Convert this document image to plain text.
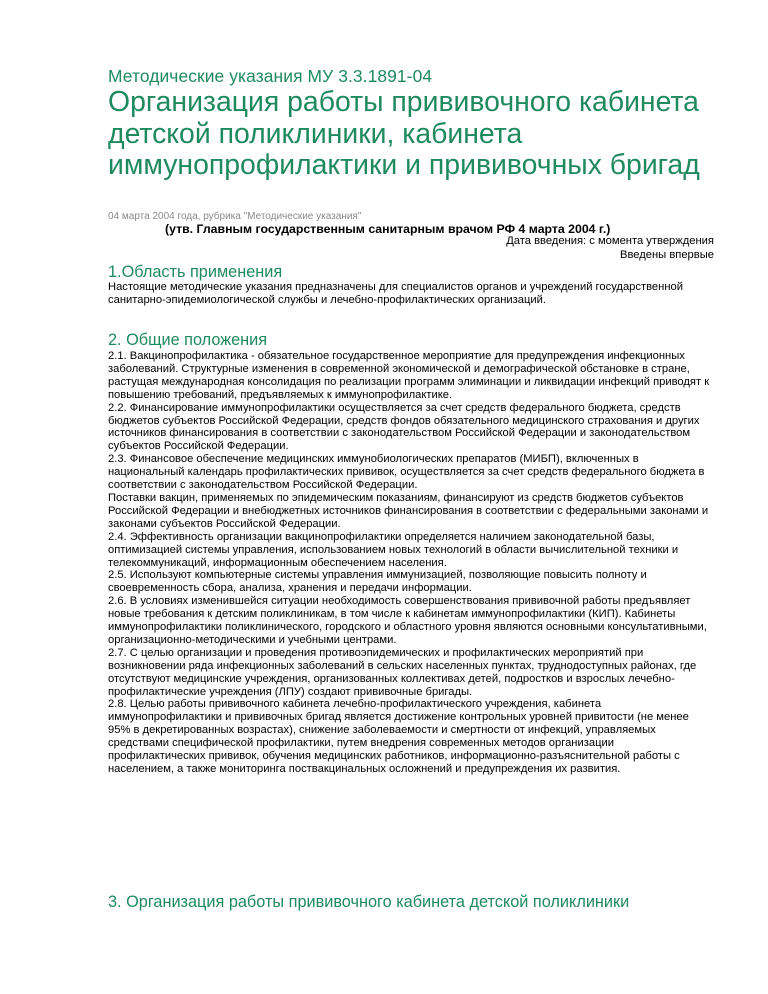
Методические указания МУ 3.3.1891-04
Организация работы прививочного кабинета детской поликлиники, кабинета иммунопрофилактики и прививочных бригад
04 марта 2004 года, рубрика "Методические указания"
(утв. Главным государственным санитарным врачом РФ 4 марта 2004 г.)
Дата введения: с момента утверждения
Введены впервые
1.Область применения

Настоящие методические указания предназначены для специалистов органов и учреждений государственной санитарно-эпидемиологической службы и лечебно-профилактических организаций.

2. Общие положения

2.1. Вакцинопрофилактика - обязательное государственное мероприятие для предупреждения инфекционных заболеваний. Структурные изменения в современной экономической и демографической обстановке в стране, растущая международная консолидация по реализации программ элиминации и ликвидации инфекций приводят к повышению требований, предъявляемых к иммунопрофилактике.

2.2. Финансирование иммунопрофилактики осуществляется за счет средств федерального бюджета, средств бюджетов субъектов Российской Федерации, средств фондов обязательного медицинского страхования и других источников финансирования в соответствии с законодательством Российской Федерации и законодательством субъектов Российской Федерации.

2.3. Финансовое обеспечение медицинских иммунобиологических препаратов (МИБП), включенных в национальный календарь профилактических прививок, осуществляется за счет средств федерального бюджета в соответствии с законодательством Российской Федерации.

Поставки вакцин, применяемых по эпидемическим показаниям, финансируют из средств бюджетов субъектов Российской Федерации и внебюджетных источников финансирования в соответствии с федеральными законами и законами субъектов Российской Федерации.

2.4. Эффективность организации вакцинопрофилактики определяется наличием законодательной базы, оптимизацией системы управления, использованием новых технологий в области вычислительной техники и телекоммуникаций, информационным обеспечением населения.

2.5. Используют компьютерные системы управления иммунизацией, позволяющие повысить полноту и своевременность сбора, анализа, хранения и передачи информации.

2.6. В условиях изменившейся ситуации необходимость совершенствования прививочной работы предъявляет новые требования к детским поликлиникам, в том числе к кабинетам иммунопрофилактики (КИП). Кабинеты иммунопрофилактики поликлинического, городского и областного уровня являются основными консультативными, организационно-методическими и учебными центрами.

2.7. С целью организации и проведения противоэпидемических и профилактических мероприятий при возникновении ряда инфекционных заболеваний в сельских населенных пунктах, труднодоступных районах, где отсутствуют медицинские учреждения, организованных коллективах детей, подростков и взрослых лечебно-профилактические учреждения (ЛПУ) создают прививочные бригады.

2.8. Целью работы прививочного кабинета лечебно-профилактического учреждения, кабинета иммунопрофилактики и прививочных бригад является достижение контрольных уровней привитости (не менее 95% в декретированных возрастах), снижение заболеваемости и смертности от инфекций, управляемых средствами специфической профилактики, путем внедрения современных методов организации профилактических прививок, обучения медицинских работников, информационно-разъяснительной работы с населением, а также мониторинга поствакцинальных осложнений и предупреждения их развития.

3. Организация работы прививочного кабинета детской поликлиники
